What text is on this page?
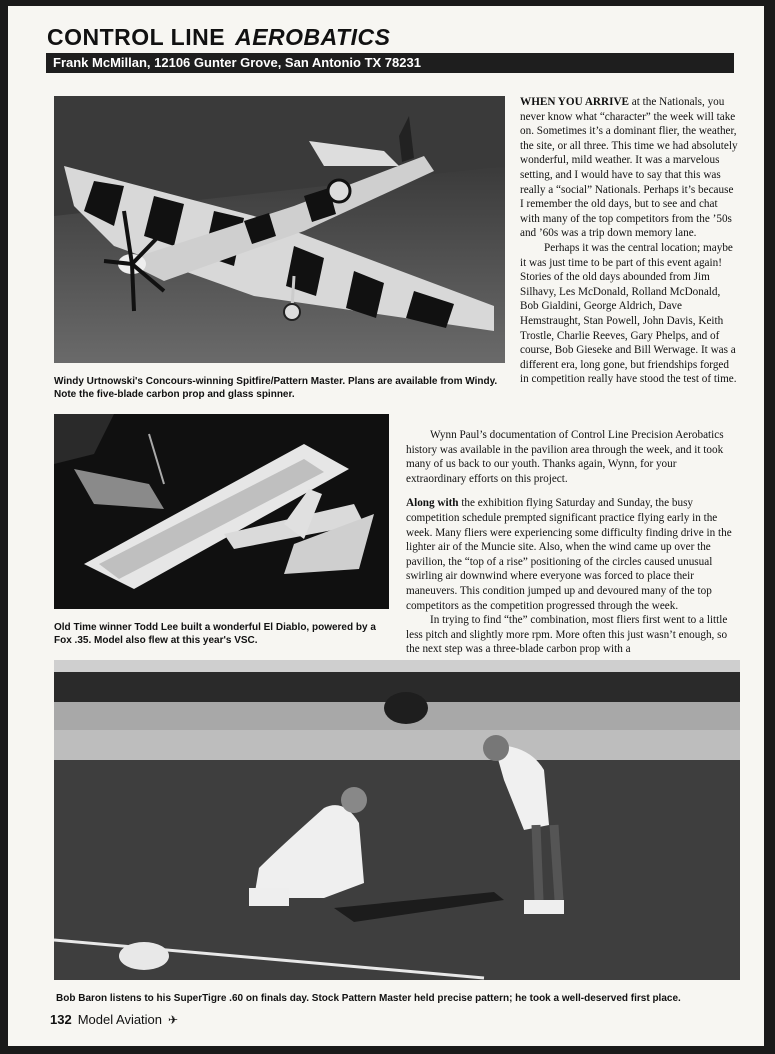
CONTROL LINE AEROBATICS
Frank McMillan, 12106 Gunter Grove, San Antonio TX 78231
Windy Urtnowski's Concours-winning Spitfire/Pattern Master. Plans are available from Windy. Note the five-blade carbon prop and glass spinner.
Old Time winner Todd Lee built a wonderful El Diablo, powered by a Fox .35. Model also flew at this year's VSC.
Bob Baron listens to his SuperTigre .60 on finals day. Stock Pattern Master held precise pattern; he took a well-deserved first place.

WHEN YOU ARRIVE at the Nationals, you never know what “character” the week will take on. Sometimes it’s a dominant flier, the weather, the site, or all three. This time we had absolutely wonderful, mild weather. It was a marvelous setting, and I would have to say that this was really a “social” Nationals. Perhaps it’s because I remember the old days, but to see and chat with many of the top competitors from the ’50s and ’60s was a trip down memory lane.

Perhaps it was the central location; maybe it was just time to be part of this event again! Stories of the old days abounded from Jim Silhavy, Les McDonald, Rolland McDonald, Bob Gialdini, George Aldrich, Dave Hemstraught, Stan Powell, John Davis, Keith Trostle, Charlie Reeves, Gary Phelps, and of course, Bob Gieseke and Bill Werwage. It was a different era, long gone, but friendships forged in competition really have stood the test of time.

Wynn Paul’s documentation of Control Line Precision Aerobatics history was available in the pavilion area through the week, and it took many of us back to our youth. Thanks again, Wynn, for your extraordinary efforts on this project.

Along with the exhibition flying Saturday and Sunday, the busy competition schedule prempted significant practice flying early in the week. Many fliers were experiencing some difficulty finding drive in the lighter air of the Muncie site. Also, when the wind came up over the pavilion, the “top of a rise” positioning of the circles caused unusual swirling air downwind where everyone was forced to place their maneuvers. This condition jumped up and devoured many of the top competitors as the competition progressed through the week.

In trying to find “the” combination, most fliers first went to a little less pitch and slightly more rpm. More often this just wasn’t enough, so the next step was a three-blade carbon prop with a

132 Model Aviation ✈
